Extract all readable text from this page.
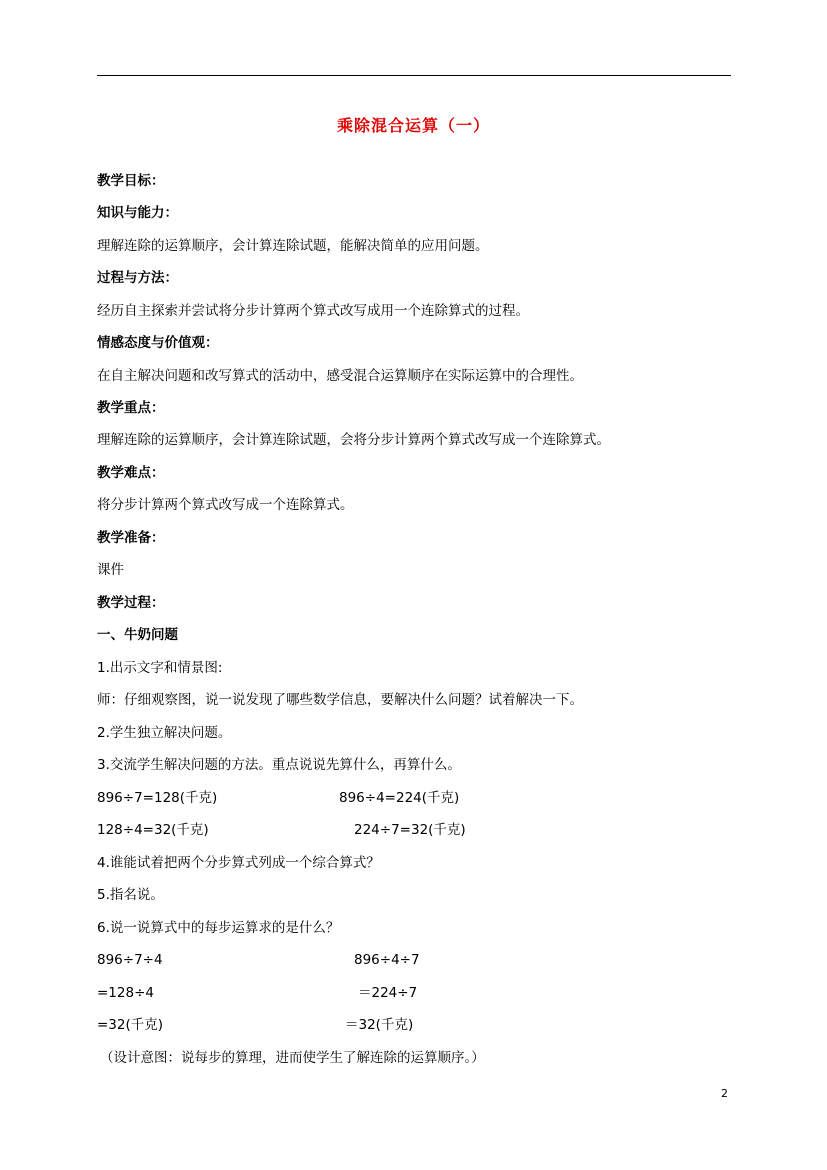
乘除混合运算（一）
教学目标：
知识与能力：
理解连除的运算顺序，会计算连除试题，能解决简单的应用问题。
过程与方法：
经历自主探索并尝试将分步计算两个算式改写成用一个连除算式的过程。
情感态度与价值观：
在自主解决问题和改写算式的活动中，感受混合运算顺序在实际运算中的合理性。
教学重点：
理解连除的运算顺序，会计算连除试题，会将分步计算两个算式改写成一个连除算式。
教学难点：
将分步计算两个算式改写成一个连除算式。
教学准备：
课件
教学过程：
一、牛奶问题
1.出示文字和情景图:
师：仔细观察图，说一说发现了哪些数学信息，要解决什么问题？试着解决一下。
2.学生独立解决问题。
3.交流学生解决问题的方法。重点说说先算什么，再算什么。
896÷7=128(千克)	896÷4=224(千克)
128÷4=32(千克)	224÷7=32(千克)
4.谁能试着把两个分步算式列成一个综合算式？
5.指名说。
6.说一说算式中的每步运算求的是什么？
896÷7÷4	896÷4÷7
=128÷4	＝224÷7
=32(千克)	＝32(千克)
（设计意图：说每步的算理，进而使学生了解连除的运算顺序。）
2
